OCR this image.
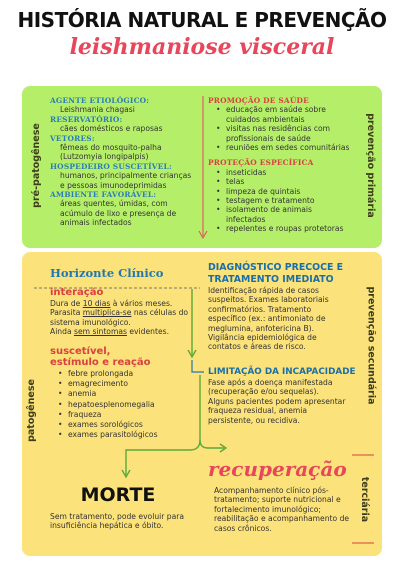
HISTÓRIA NATURAL E PREVENÇÃO
leishmaniose visceral
pré-patogênese	prevenção primária
patogênese
prevenção secundária
terciária
AGENTE ETIOLÓGICO:
Leishmania chagasi
RESERVATÓRIO:
cães domésticos e raposas
VETORES:
fêmeas do mosquito-palha
(Lutzomyia longipalpis)
HOSPEDEIRO SUSCETÍVEL:
humanos, principalmente crianças
e pessoas imunodeprimidas
AMBIENTE FAVORÁVEL:
áreas quentes, úmidas, com
acúmulo de lixo e presença de
animais infectados
PROMOÇÃO DE SAÚDE
• educação em saúde sobre
cuidados ambientais
• visitas nas residências com
profissionais de saúde
• reuniões em sedes comunitárias
PROTEÇÃO ESPECÍFICA
• inseticidas
• telas
• limpeza de quintais
• testagem e tratamento
• isolamento de animais infectados
• repelentes e roupas protetoras
Horizonte Clínico
interação
Dura de 10 dias à vários meses.
Parasita multiplica-se nas células do
sistema imunológico.
Ainda sem sintomas evidentes.
suscetível,
estímulo e reação
• febre prolongada
• emagrecimento
• anemia
• hepatoesplenomegalia
• fraqueza
• exames sorológicos
• exames parasitológicos
DIAGNÓSTICO PRECOCE E
TRATAMENTO IMEDIATO
Identificação rápida de casos
suspeitos. Exames laboratoriais
confirmatórios. Tratamento
específico (ex.: antimoniato de
meglumina, anfotericina B).
Vigilância epidemiológica de
contatos e áreas de risco.
LIMITAÇÃO DA INCAPACIDADE
Fase após a doença manifestada
(recuperação e/ou sequelas).
Alguns pacientes podem apresentar
fraqueza residual, anemia
persistente, ou recidiva.
MORTE
Sem tratamento, pode evoluir para
insuficiência hepática e óbito.
recuperação
Acompanhamento clínico pós-
tratamento; suporte nutricional e
fortalecimento imunológico;
reabilitação e acompanhamento de
casos crônicos.
